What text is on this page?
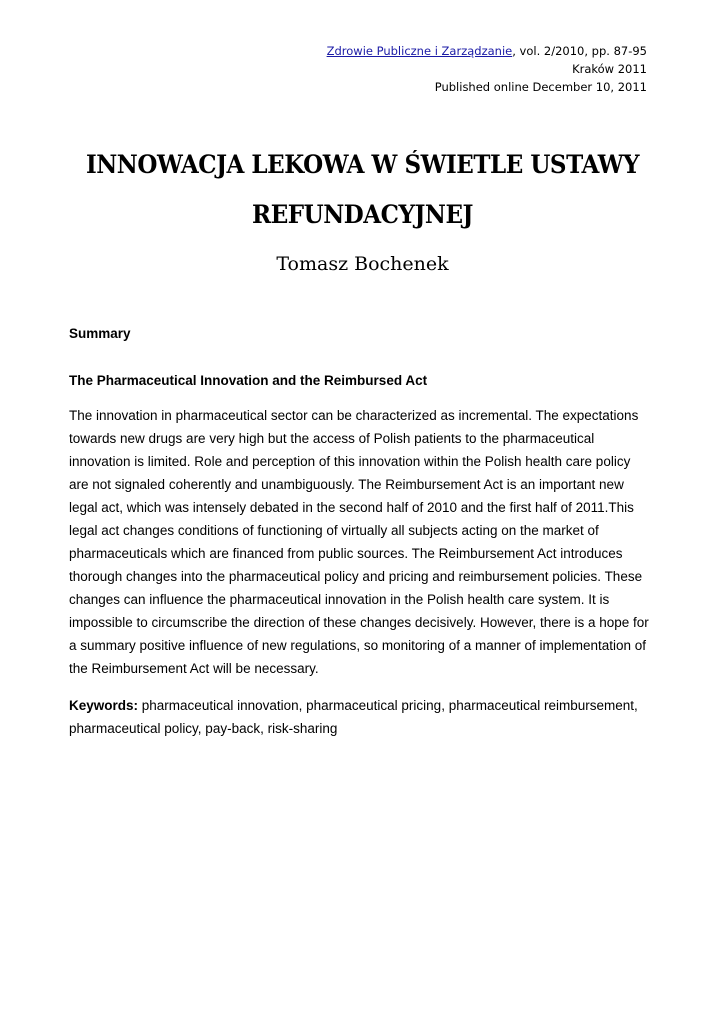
Zdrowie Publiczne i Zarządzanie, vol. 2/2010, pp. 87-95
Kraków 2011
Published online December 10, 2011
INNOWACJA LEKOWA W ŚWIETLE USTAWY
REFUNDACYJNEJ
Tomasz Bochenek
Summary
The Pharmaceutical Innovation and the Reimbursed Act

The innovation in pharmaceutical sector can be characterized as incremental. The expectations towards new drugs are very high but the access of Polish patients to the pharmaceutical innovation is limited. Role and perception of this innovation within the Polish health care policy are not signaled coherently and unambiguously. The Reimbursement Act is an important new legal act, which was intensely debated in the second half of 2010 and the first half of 2011.This legal act changes conditions of functioning of virtually all subjects acting on the market of pharmaceuticals which are financed from public sources. The Reimbursement Act introduces thorough changes into the pharmaceutical policy and pricing and reimbursement policies. These changes can influence the pharmaceutical innovation in the Polish health care system. It is impossible to circumscribe the direction of these changes decisively. However, there is a hope for a summary positive influence of new regulations, so monitoring of a manner of implementation of the Reimbursement Act will be necessary.

Keywords: pharmaceutical innovation, pharmaceutical pricing, pharmaceutical reimbursement, pharmaceutical policy, pay-back, risk-sharing
